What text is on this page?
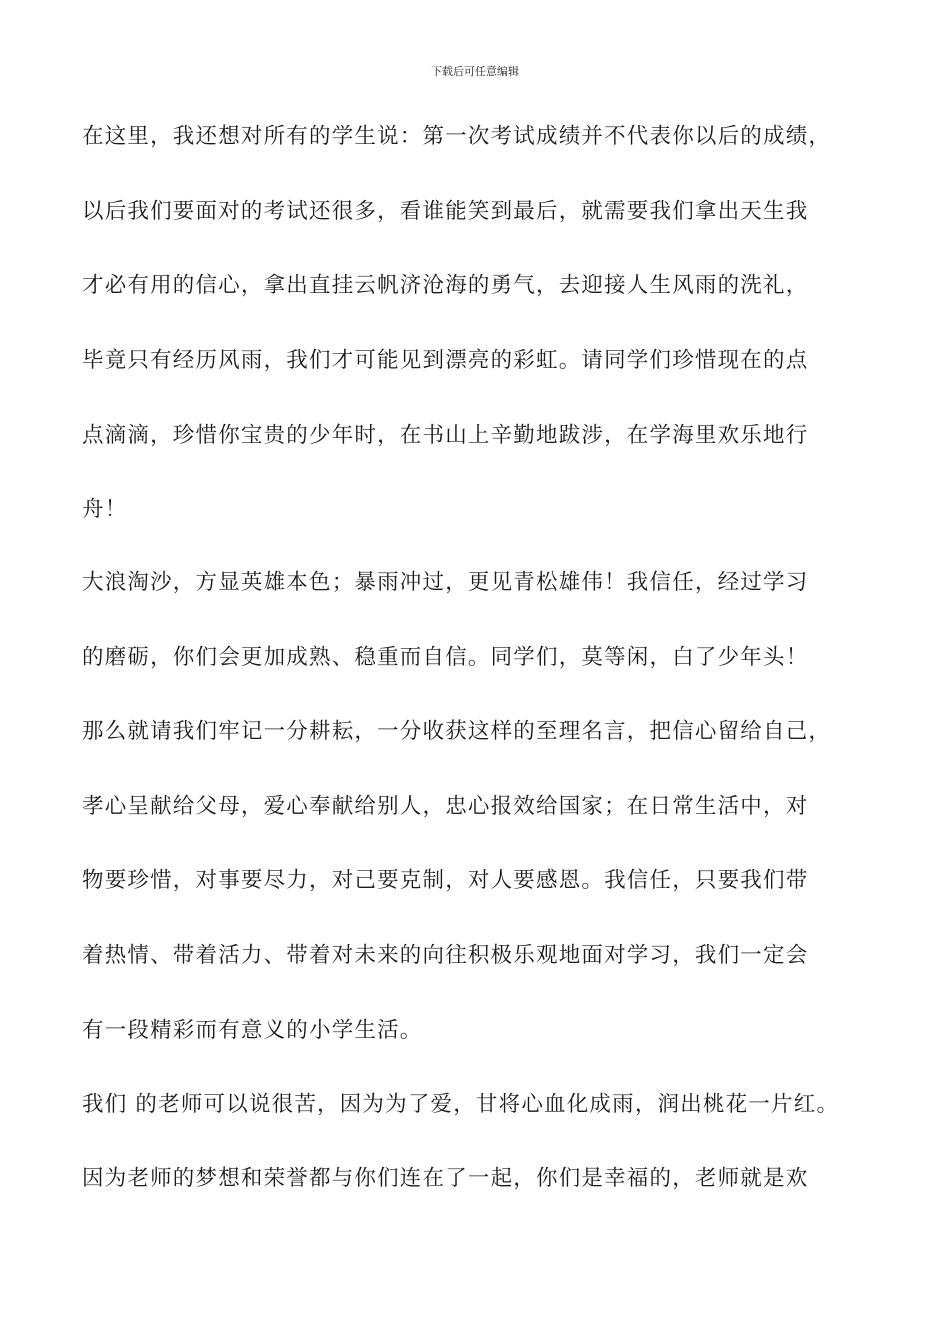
下载后可任意编辑
在这里，我还想对所有的学生说：第一次考试成绩并不代表你以后的成绩，
以后我们要面对的考试还很多，看谁能笑到最后，就需要我们拿出天生我
才必有用的信心，拿出直挂云帆济沧海的勇气，去迎接人生风雨的洗礼，
毕竟只有经历风雨，我们才可能见到漂亮的彩虹。请同学们珍惜现在的点
点滴滴，珍惜你宝贵的少年时，在书山上辛勤地跋涉，在学海里欢乐地行
舟！
大浪淘沙，方显英雄本色；暴雨冲过，更见青松雄伟！我信任，经过学习
的磨砺，你们会更加成熟、稳重而自信。同学们，莫等闲，白了少年头！
那么就请我们牢记一分耕耘，一分收获这样的至理名言，把信心留给自己，
孝心呈献给父母，爱心奉献给别人，忠心报效给国家；在日常生活中，对
物要珍惜，对事要尽力，对己要克制，对人要感恩。我信任，只要我们带
着热情、带着活力、带着对未来的向往积极乐观地面对学习，我们一定会
有一段精彩而有意义的小学生活。
我们 的老师可以说很苦，因为为了爱，甘将心血化成雨，润出桃花一片红。
因为老师的梦想和荣誉都与你们连在了一起，你们是幸福的，老师就是欢
